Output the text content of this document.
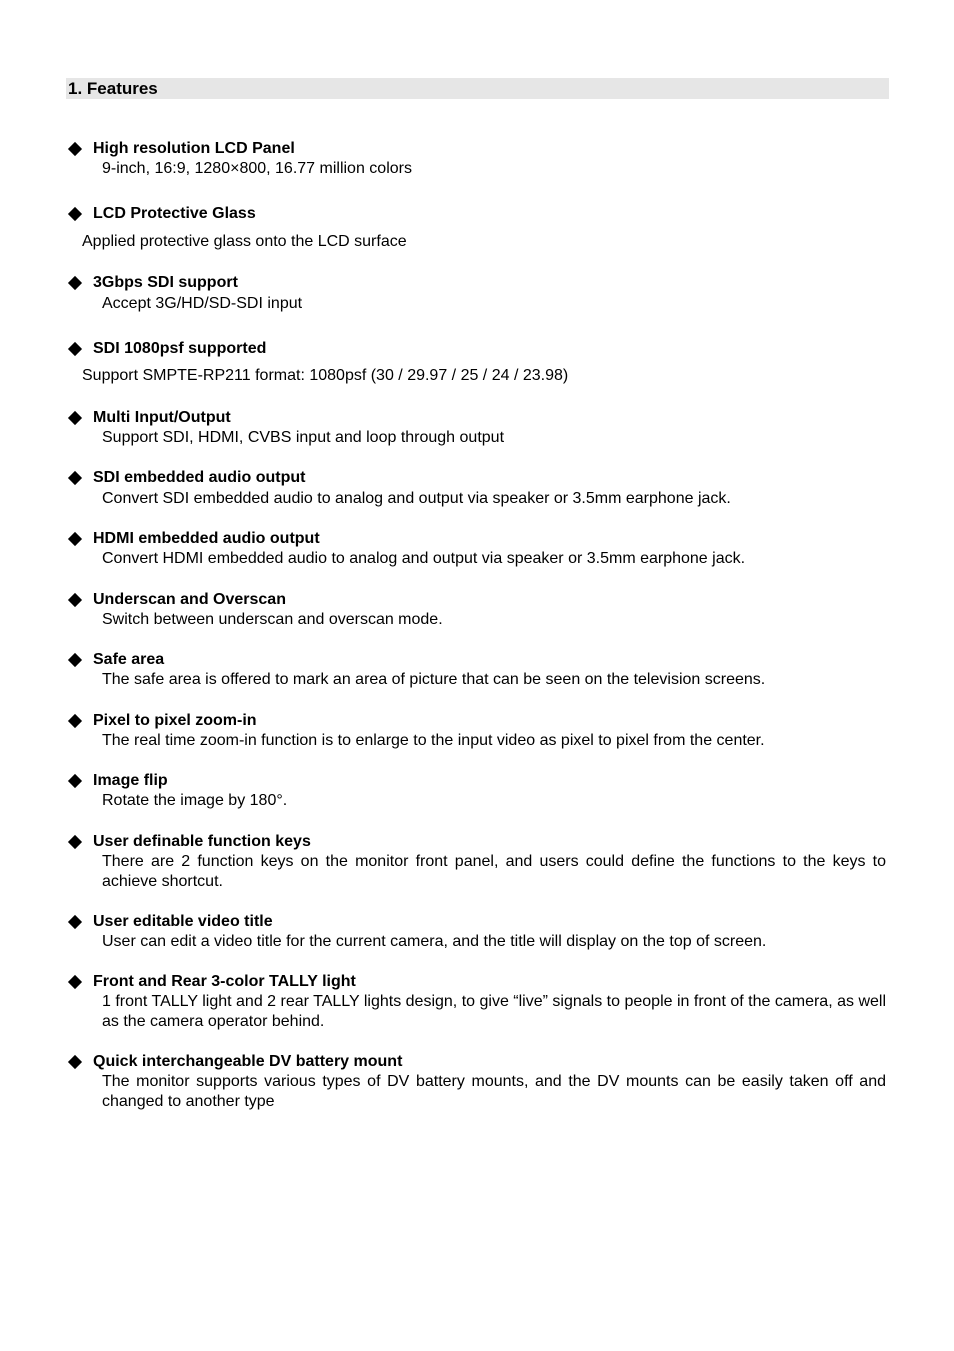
1. Features
High resolution LCD Panel
9-inch, 16:9, 1280×800, 16.77 million colors
LCD Protective Glass
Applied protective glass onto the LCD surface
3Gbps SDI support
Accept 3G/HD/SD-SDI input
SDI 1080psf supported
Support SMPTE-RP211 format: 1080psf (30 / 29.97 / 25 / 24 / 23.98)
Multi Input/Output
Support SDI, HDMI, CVBS input and loop through output
SDI embedded audio output
Convert SDI embedded audio to analog and output via speaker or 3.5mm earphone jack.
HDMI embedded audio output
Convert HDMI embedded audio to analog and output via speaker or 3.5mm earphone jack.
Underscan and Overscan
Switch between underscan and overscan mode.
Safe area
The safe area is offered to mark an area of picture that can be seen on the television screens.
Pixel to pixel zoom-in
The real time zoom-in function is to enlarge to the input video as pixel to pixel from the center.
Image flip
Rotate the image by 180°.
User definable function keys
There are 2 function keys on the monitor front panel, and users could define the functions to the keys to achieve shortcut.
User editable video title
User can edit a video title for the current camera, and the title will display on the top of screen.
Front and Rear 3-color TALLY light
1 front TALLY light and 2 rear TALLY lights design, to give “live” signals to people in front of the camera, as well as the camera operator behind.
Quick interchangeable DV battery mount
The monitor supports various types of DV battery mounts, and the DV mounts can be easily taken off and changed to another type
